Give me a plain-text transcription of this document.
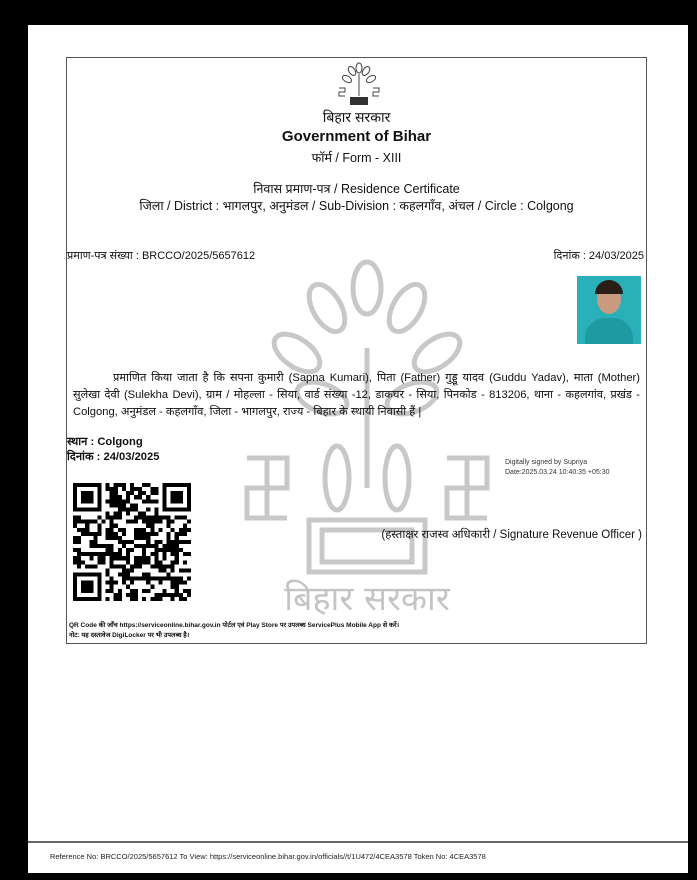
बिहार सरकार
बिहार सरकार
Government of Bihar
फॉर्म / Form - XIII
निवास प्रमाण-पत्र / Residence Certificate
जिला / District : भागलपुर, अनुमंडल / Sub-Division : कहलगाँव, अंचल / Circle : Colgong
प्रमाण-पत्र संख्या : BRCCO/2025/5657612	दिनांक : 24/03/2025
प्रमाणित किया जाता है कि सपना कुमारी (Sapna Kumari), पिता (Father) गुड्डू यादव (Guddu Yadav), माता (Mother) सुलेखा देवी (Sulekha Devi), ग्राम / मोहल्ला - सिया, वार्ड संख्या -12, डाकघर - सिया, पिनकोड - 813206, थाना - कहलगांव, प्रखंड - Colgong, अनुमंडल - कहलगाँव, जिला - भागलपुर, राज्य - बिहार के स्थायी निवासी हैं |
स्थान : Colgong
दिनांक : 24/03/2025	Digitally signed by Supriya
Date:2025.03.24 10:40:35 +05:30
(हस्ताक्षर राजस्व अधिकारी / Signature Revenue Officer )
QR Code की जाँच https://serviceonline.bihar.gov.in पोर्टल एवं Play Store पर उपलब्ध ServicePlus Mobile App से करें।
नोट: यह दस्तावेज DigiLocker पर भी उपलब्ध है।
Reference No: BRCCO/2025/5657612 To View: https://serviceonline.bihar.gov.in/officials//t/1U472/4CEA3578 Token No: 4CEA3578
